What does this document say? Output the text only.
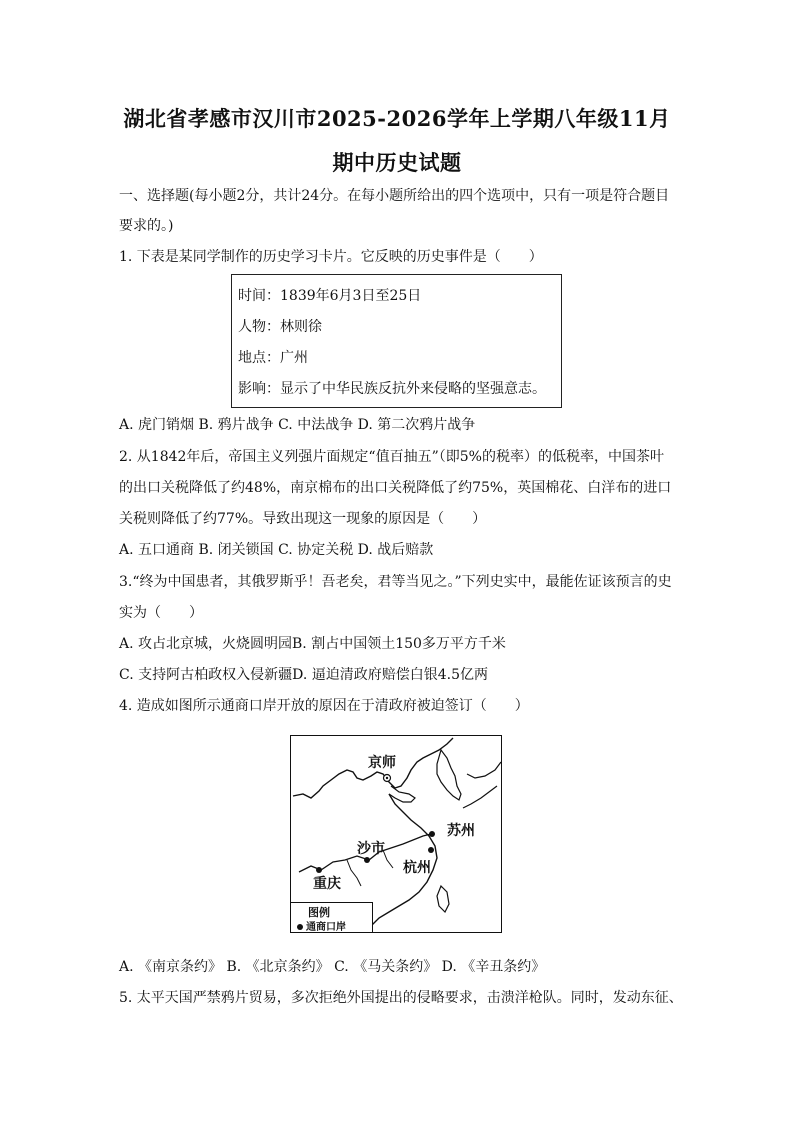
湖北省孝感市汉川市2025-2026学年上学期八年级11月
期中历史试题
一、选择题(每小题2分，共计24分。在每小题所给出的四个选项中，只有一项是符合题目
要求的。)
1. 下表是某同学制作的历史学习卡片。它反映的历史事件是（　　）
时间：1839年6月3日至25日
人物：林则徐
地点：广州
影响：显示了中华民族反抗外来侵略的坚强意志。
A. 虎门销烟 B. 鸦片战争 C. 中法战争 D. 第二次鸦片战争
2. 从1842年后，帝国主义列强片面规定“值百抽五”（即5%的税率）的低税率，中国茶叶
的出口关税降低了约48%，南京棉布的出口关税降低了约75%，英国棉花、白洋布的进口
关税则降低了约77%。导致出现这一现象的原因是（　　）
A. 五口通商 B. 闭关锁国 C. 协定关税 D. 战后赔款
3.“终为中国患者，其俄罗斯乎！吾老矣，君等当见之。”下列史实中，最能佐证该预言的史
实为（　　）
A. 攻占北京城，火烧圆明园B. 割占中国领土150多万平方千米
C. 支持阿古柏政权入侵新疆D. 逼迫清政府赔偿白银4.5亿两
4. 造成如图所示通商口岸开放的原因在于清政府被迫签订（　　）
京师
苏州
沙市
杭州
重庆
图例
通商口岸
A. 《南京条约》 B. 《北京条约》 C. 《马关条约》 D. 《辛丑条约》
5. 太平天国严禁鸦片贸易，多次拒绝外国提出的侵略要求，击溃洋枪队。同时，发动东征、
